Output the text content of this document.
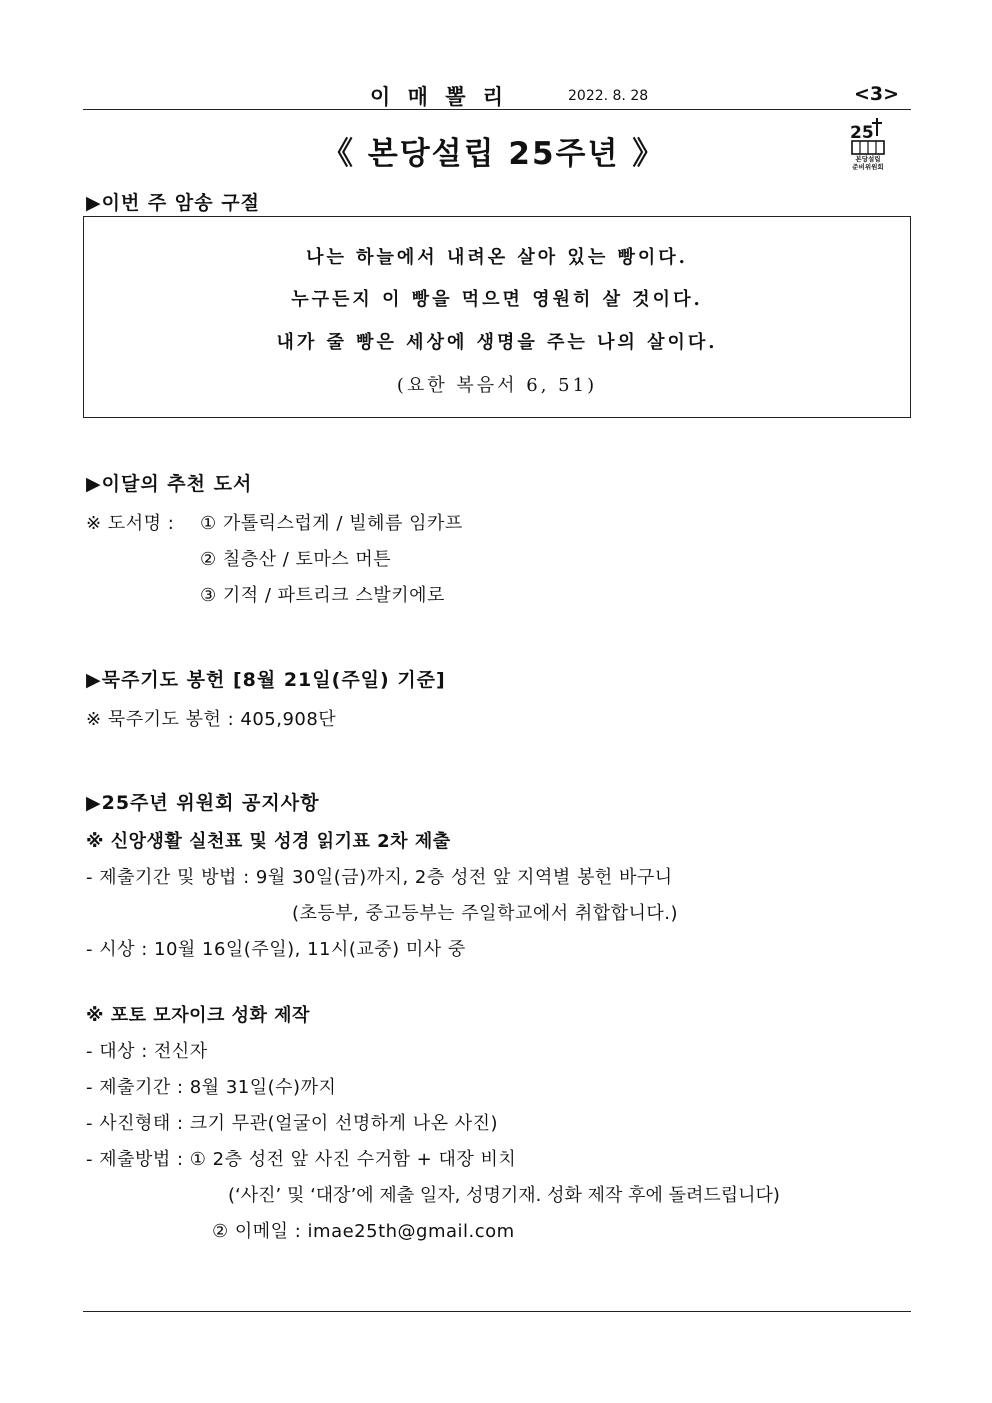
이 매 뽈 리	2022. 8. 28	<3>
《 본당설립 25주년 》
25
본당설립
준비위원회
▶이번 주 암송 구절
나는 하늘에서 내려온 살아 있는 빵이다.
누구든지 이 빵을 먹으면 영원히 살 것이다.
내가 줄 빵은 세상에 생명을 주는 나의 살이다.
(요한 복음서 6, 51)
▶이달의 추천 도서
※ 도서명 : ① 가톨릭스럽게 / 빌헤름 임카프
② 칠층산 / 토마스 머튼
③ 기적 / 파트리크 스발키에로
▶묵주기도 봉헌 [8월 21일(주일) 기준]
※ 묵주기도 봉헌 : 405,908단
▶25주년 위원회 공지사항
※ 신앙생활 실천표 및 성경 읽기표 2차 제출
- 제출기간 및 방법 : 9월 30일(금)까지, 2층 성전 앞 지역별 봉헌 바구니
(초등부, 중고등부는 주일학교에서 취합합니다.)
- 시상 : 10월 16일(주일), 11시(교중) 미사 중
※ 포토 모자이크 성화 제작
- 대상 : 전신자
- 제출기간 : 8월 31일(수)까지
- 사진형태 : 크기 무관(얼굴이 선명하게 나온 사진)
- 제출방법 : ① 2층 성전 앞 사진 수거함 + 대장 비치
(‘사진’ 및 ‘대장’에 제출 일자, 성명기재. 성화 제작 후에 돌려드립니다)
② 이메일 : imae25th@gmail.com
